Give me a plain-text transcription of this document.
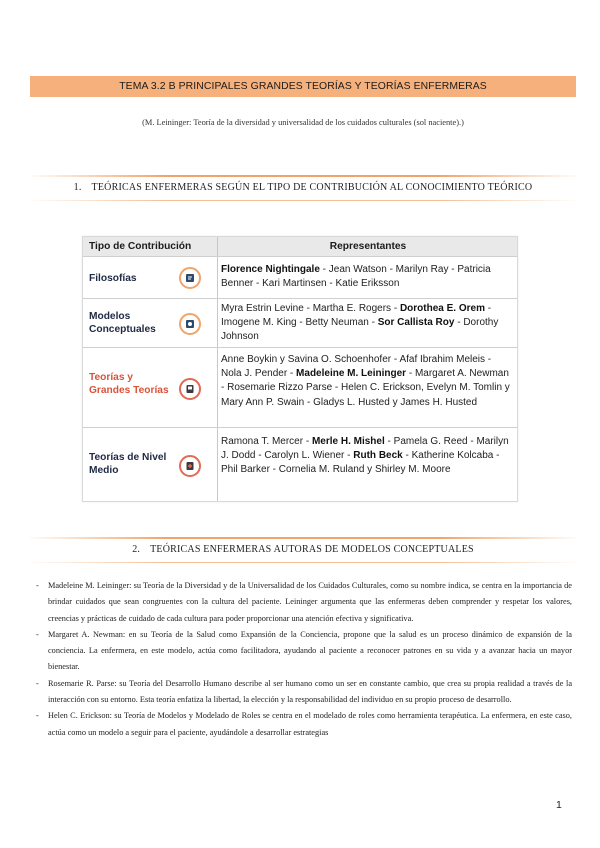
TEMA 3.2 B PRINCIPALES GRANDES TEORÍAS Y TEORÍAS ENFERMERAS
(M. Leininger: Teoría de la diversidad y universalidad de los cuidados culturales (sol naciente).)
1. TEÓRICAS ENFERMERAS SEGÚN EL TIPO DE CONTRIBUCIÓN AL CONOCIMIENTO TEÓRICO
Tipo de Contribución	Representantes
Filosofías
Florence Nightingale - Jean Watson - Marilyn Ray - Patricia Benner - Kari Martinsen - Katie Eriksson
Modelos Conceptuales
Myra Estrin Levine - Martha E. Rogers - Dorothea E. Orem - Imogene M. King - Betty Neuman - Sor Callista Roy - Dorothy Johnson
Teorías y Grandes Teorías
Anne Boykin y Savina O. Schoenhofer - Afaf Ibrahim Meleis - Nola J. Pender - Madeleine M. Leininger - Margaret A. Newman - Rosemarie Rizzo Parse - Helen C. Erickson, Evelyn M. Tomlin y Mary Ann P. Swain - Gladys L. Husted y James H. Husted
Teorías de Nivel Medio
Ramona T. Mercer - Merle H. Mishel - Pamela G. Reed - Marilyn J. Dodd - Carolyn L. Wiener - Ruth Beck - Katherine Kolcaba - Phil Barker - Cornelia M. Ruland y Shirley M. Moore
2. TEÓRICAS ENFERMERAS AUTORAS DE MODELOS CONCEPTUALES
- Madeleine M. Leininger: su Teoría de la Diversidad y de la Universalidad de los Cuidados Culturales, como su nombre indica, se centra en la importancia de brindar cuidados que sean congruentes con la cultura del paciente. Leininger argumenta que las enfermeras deben comprender y respetar los valores, creencias y prácticas de cuidado de cada cultura para poder proporcionar una atención efectiva y significativa.
- Margaret A. Newman: en su Teoría de la Salud como Expansión de la Conciencia, propone que la salud es un proceso dinámico de expansión de la conciencia. La enfermera, en este modelo, actúa como facilitadora, ayudando al paciente a reconocer patrones en su vida y a avanzar hacia un mayor bienestar.
- Rosemarie R. Parse: su Teoría del Desarrollo Humano describe al ser humano como un ser en constante cambio, que crea su propia realidad a través de la interacción con su entorno. Esta teoría enfatiza la libertad, la elección y la responsabilidad del individuo en su propio proceso de desarrollo.
- Helen C. Erickson: su Teoría de Modelos y Modelado de Roles se centra en el modelado de roles como herramienta terapéutica. La enfermera, en este caso, actúa como un modelo a seguir para el paciente, ayudándole a desarrollar estrategias
1
